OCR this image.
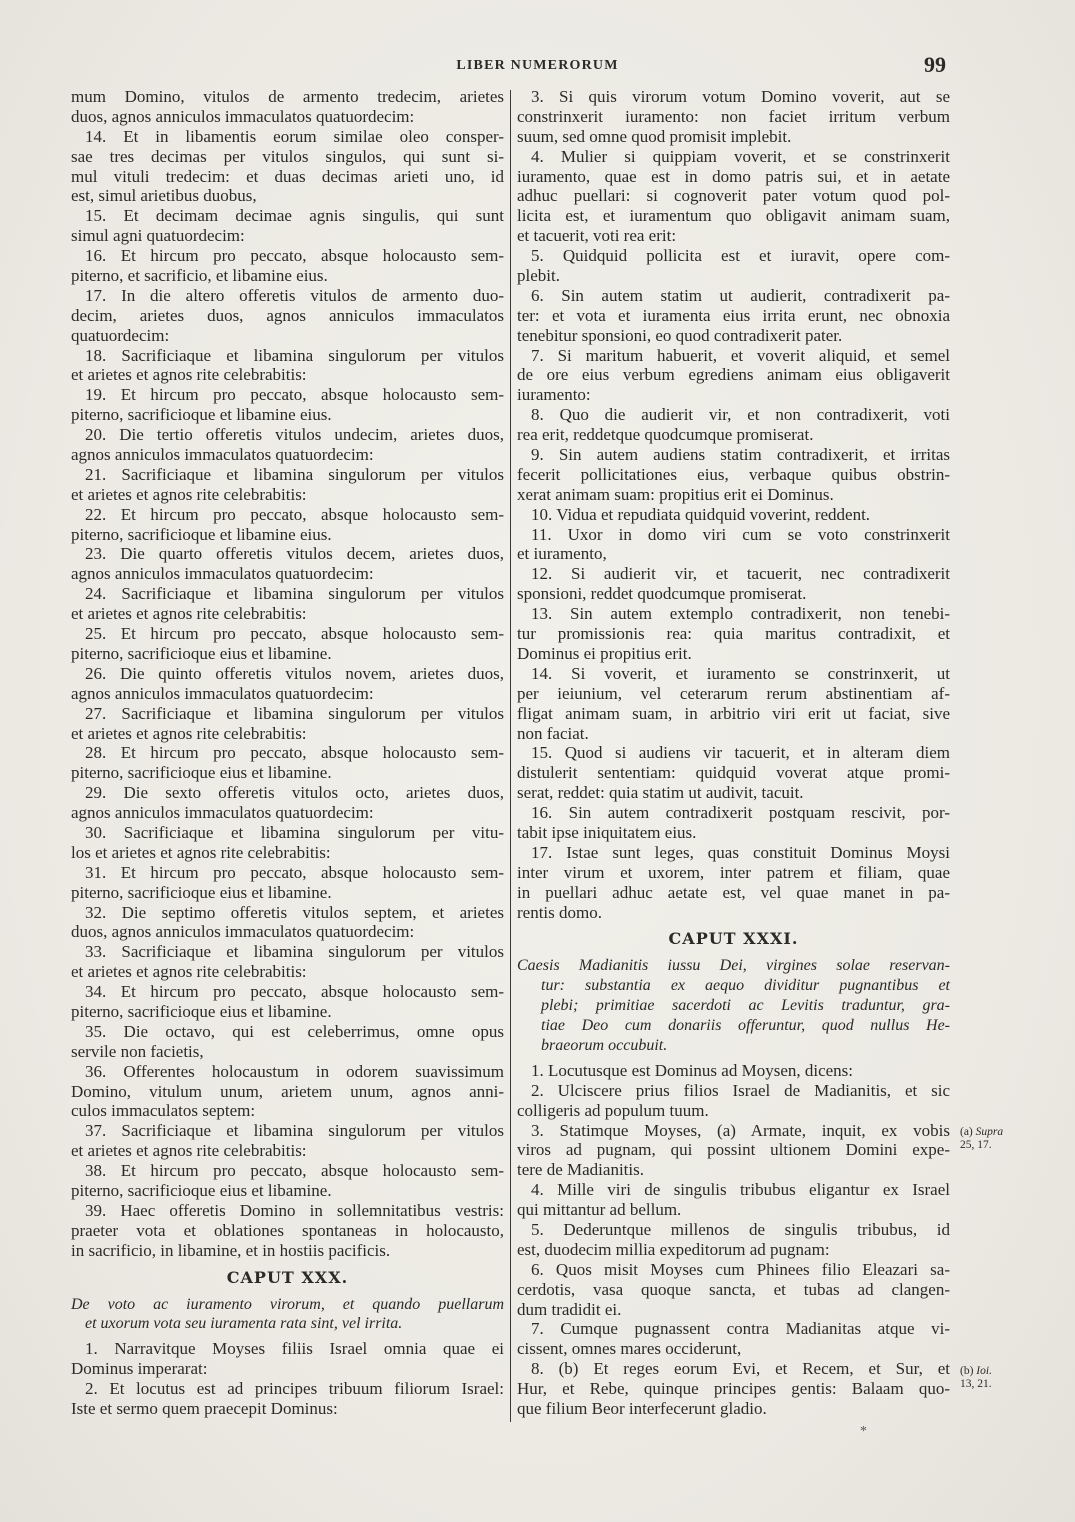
LIBER NUMERORUM	99
mum Domino, vitulos de armento tredecim, arietes
duos, agnos anniculos immaculatos quatuordecim:
14. Et in libamentis eorum similae oleo consper-
sae tres decimas per vitulos singulos, qui sunt si-
mul vituli tredecim: et duas decimas arieti uno, id
est, simul arietibus duobus,
15. Et decimam decimae agnis singulis, qui sunt
simul agni quatuordecim:
16. Et hircum pro peccato, absque holocausto sem-
piterno, et sacrificio, et libamine eius.
17. In die altero offeretis vitulos de armento duo-
decim, arietes duos, agnos anniculos immaculatos
quatuordecim:
18. Sacrificiaque et libamina singulorum per vitulos
et arietes et agnos rite celebrabitis:
19. Et hircum pro peccato, absque holocausto sem-
piterno, sacrificioque et libamine eius.
20. Die tertio offeretis vitulos undecim, arietes duos,
agnos anniculos immaculatos quatuordecim:
21. Sacrificiaque et libamina singulorum per vitulos
et arietes et agnos rite celebrabitis:
22. Et hircum pro peccato, absque holocausto sem-
piterno, sacrificioque et libamine eius.
23. Die quarto offeretis vitulos decem, arietes duos,
agnos anniculos immaculatos quatuordecim:
24. Sacrificiaque et libamina singulorum per vitulos
et arietes et agnos rite celebrabitis:
25. Et hircum pro peccato, absque holocausto sem-
piterno, sacrificioque eius et libamine.
26. Die quinto offeretis vitulos novem, arietes duos,
agnos anniculos immaculatos quatuordecim:
27. Sacrificiaque et libamina singulorum per vitulos
et arietes et agnos rite celebrabitis:
28. Et hircum pro peccato, absque holocausto sem-
piterno, sacrificioque eius et libamine.
29. Die sexto offeretis vitulos octo, arietes duos,
agnos anniculos immaculatos quatuordecim:
30. Sacrificiaque et libamina singulorum per vitu-
los et arietes et agnos rite celebrabitis:
31. Et hircum pro peccato, absque holocausto sem-
piterno, sacrificioque eius et libamine.
32. Die septimo offeretis vitulos septem, et arietes
duos, agnos anniculos immaculatos quatuordecim:
33. Sacrificiaque et libamina singulorum per vitulos
et arietes et agnos rite celebrabitis:
34. Et hircum pro peccato, absque holocausto sem-
piterno, sacrificioque eius et libamine.
35. Die octavo, qui est celeberrimus, omne opus
servile non facietis,
36. Offerentes holocaustum in odorem suavissimum
Domino, vitulum unum, arietem unum, agnos anni-
culos immaculatos septem:
37. Sacrificiaque et libamina singulorum per vitulos
et arietes et agnos rite celebrabitis:
38. Et hircum pro peccato, absque holocausto sem-
piterno, sacrificioque eius et libamine.
39. Haec offeretis Domino in sollemnitatibus vestris:
praeter vota et oblationes spontaneas in holocausto,
in sacrificio, in libamine, et in hostiis pacificis.
CAPUT XXX.
De voto ac iuramento virorum, et quando puellarum
et uxorum vota seu iuramenta rata sint, vel irrita.
1. Narravitque Moyses filiis Israel omnia quae ei
Dominus imperarat:
2. Et locutus est ad principes tribuum filiorum Israel:
Iste et sermo quem praecepit Dominus:
3. Si quis virorum votum Domino voverit, aut se
constrinxerit iuramento: non faciet irritum verbum
suum, sed omne quod promisit implebit.
4. Mulier si quippiam voverit, et se constrinxerit
iuramento, quae est in domo patris sui, et in aetate
adhuc puellari: si cognoverit pater votum quod pol-
licita est, et iuramentum quo obligavit animam suam,
et tacuerit, voti rea erit:
5. Quidquid pollicita est et iuravit, opere com-
plebit.
6. Sin autem statim ut audierit, contradixerit pa-
ter: et vota et iuramenta eius irrita erunt, nec obnoxia
tenebitur sponsioni, eo quod contradixerit pater.
7. Si maritum habuerit, et voverit aliquid, et semel
de ore eius verbum egrediens animam eius obligaverit
iuramento:
8. Quo die audierit vir, et non contradixerit, voti
rea erit, reddetque quodcumque promiserat.
9. Sin autem audiens statim contradixerit, et irritas
fecerit pollicitationes eius, verbaque quibus obstrin-
xerat animam suam: propitius erit ei Dominus.
10. Vidua et repudiata quidquid voverint, reddent.
11. Uxor in domo viri cum se voto constrinxerit
et iuramento,
12. Si audierit vir, et tacuerit, nec contradixerit
sponsioni, reddet quodcumque promiserat.
13. Sin autem extemplo contradixerit, non tenebi-
tur promissionis rea: quia maritus contradixit, et
Dominus ei propitius erit.
14. Si voverit, et iuramento se constrinxerit, ut
per ieiunium, vel ceterarum rerum abstinentiam af-
fligat animam suam, in arbitrio viri erit ut faciat, sive
non faciat.
15. Quod si audiens vir tacuerit, et in alteram diem
distulerit sententiam: quidquid voverat atque promi-
serat, reddet: quia statim ut audivit, tacuit.
16. Sin autem contradixerit postquam rescivit, por-
tabit ipse iniquitatem eius.
17. Istae sunt leges, quas constituit Dominus Moysi
inter virum et uxorem, inter patrem et filiam, quae
in puellari adhuc aetate est, vel quae manet in pa-
rentis domo.
CAPUT XXXI.
Caesis Madianitis iussu Dei, virgines solae reservan-
tur: substantia ex aequo dividitur pugnantibus et
plebi; primitiae sacerdoti ac Levitis traduntur, gra-
tiae Deo cum donariis offeruntur, quod nullus He-
braeorum occubuit.
1. Locutusque est Dominus ad Moysen, dicens:
2. Ulciscere prius filios Israel de Madianitis, et sic
colligeris ad populum tuum.
3. Statimque Moyses, (a) Armate, inquit, ex vobis
viros ad pugnam, qui possint ultionem Domini expe-
tere de Madianitis.
4. Mille viri de singulis tribubus eligantur ex Israel
qui mittantur ad bellum.
5. Dederuntque millenos de singulis tribubus, id
est, duodecim millia expeditorum ad pugnam:
6. Quos misit Moyses cum Phinees filio Eleazari sa-
cerdotis, vasa quoque sancta, et tubas ad clangen-
dum tradidit ei.
7. Cumque pugnassent contra Madianitas atque vi-
cissent, omnes mares occiderunt,
8. (b) Et reges eorum Evi, et Recem, et Sur, et
Hur, et Rebe, quinque principes gentis: Balaam quo-
que filium Beor interfecerunt gladio.
(a) Supra
25, 17.
(b) Ioi.
13, 21.
*
